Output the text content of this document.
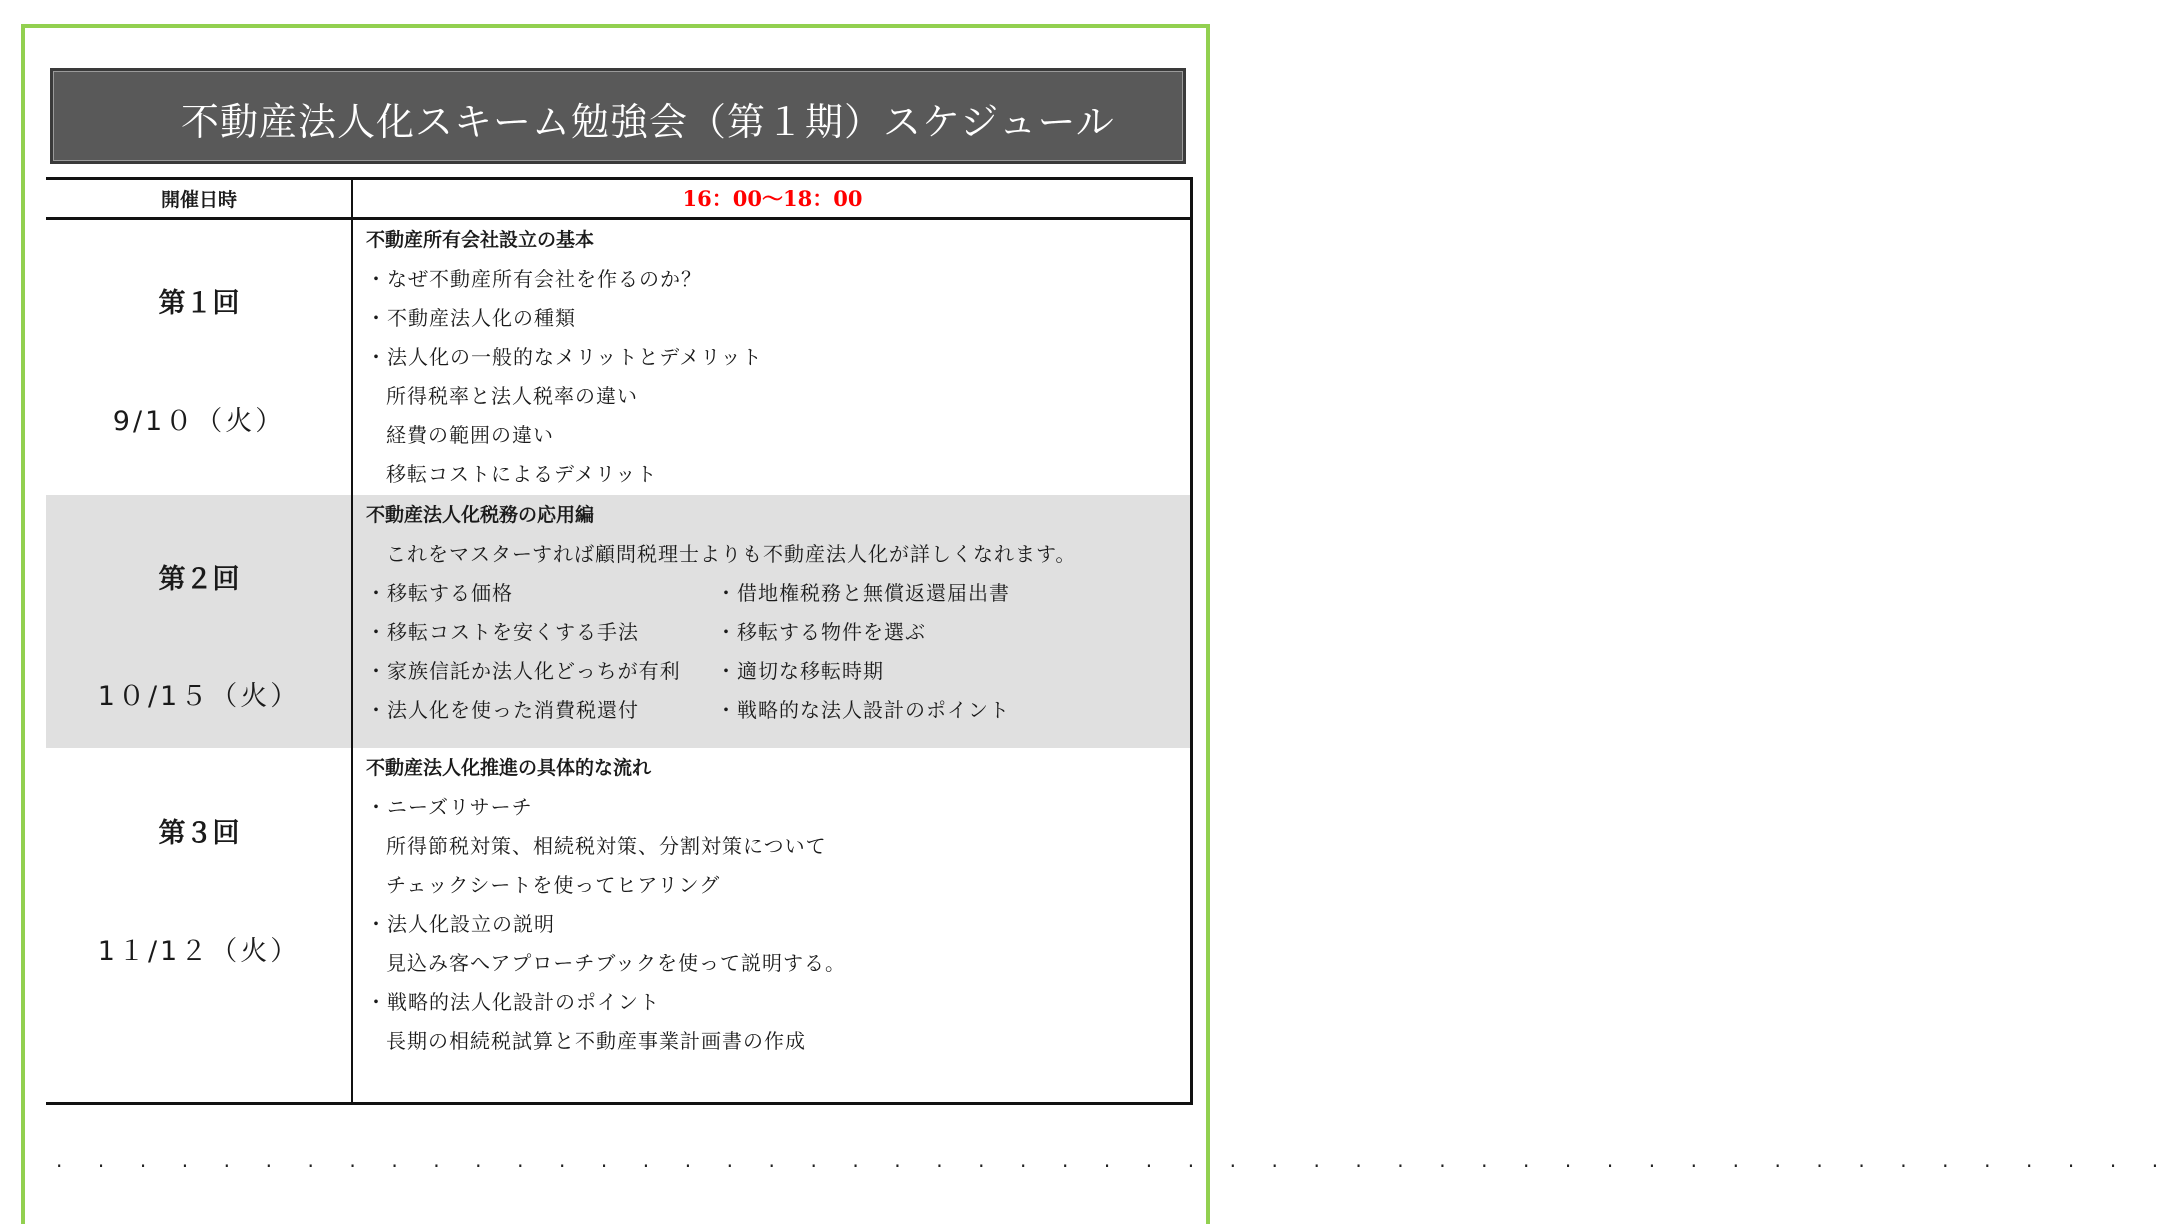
不動産法人化スキーム勉強会（第１期）スケジュール
開催日時	16：00〜18：00
第１回
9/1０（火）
不動産所有会社設立の基本
・なぜ不動産所有会社を作るのか？
・不動産法人化の種類
・法人化の一般的なメリットとデメリット
所得税率と法人税率の違い
経費の範囲の違い
移転コストによるデメリット
第２回
1０/1５（火）
不動産法人化税務の応用編
これをマスターすれば顧問税理士よりも不動産法人化が詳しくなれます。
・移転する価格
・移転コストを安くする手法
・家族信託か法人化どっちが有利
・法人化を使った消費税還付
・借地権税務と無償返還届出書
・移転する物件を選ぶ
・適切な移転時期
・戦略的な法人設計のポイント
第３回
1１/1２（火）
不動産法人化推進の具体的な流れ
・ニーズリサーチ
所得節税対策、相続税対策、分割対策について
チェックシートを使ってヒアリング
・法人化設立の説明
見込み客へアプローチブックを使って説明する。
・戦略的法人化設計のポイント
長期の相続税試算と不動産事業計画書の作成
. . . . . . . . . . . . . . . . . . . . . . . . . . . . . . . . . . . . . . . . . . . . . . . . . . .
